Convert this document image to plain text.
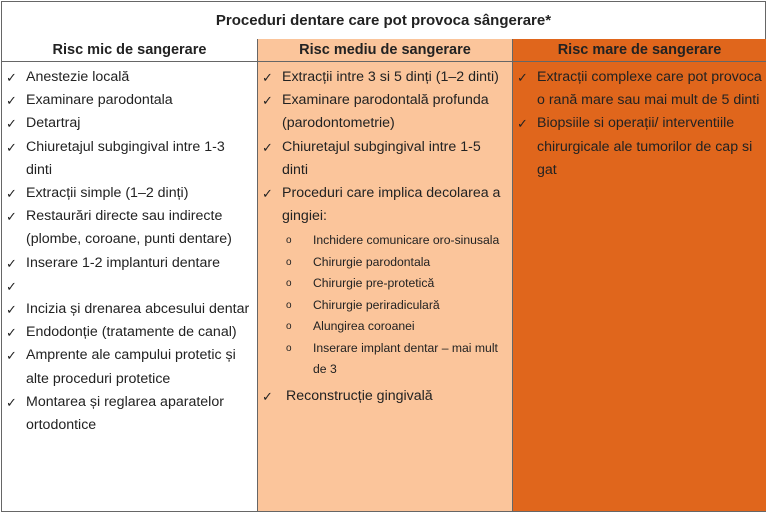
Proceduri dentare care pot provoca sângerare*
Risc mic de sangerare
✓ Anestezie locală
✓ Examinare parodontala
✓ Detartraj
✓ Chiuretajul subgingival intre 1-3 dinti
✓ Extracții simple (1–2 dinți)
✓ Restaurări directe sau indirecte (plombe, coroane, punti dentare)
✓ Inserare 1-2 implanturi dentare
✓

✓ Incizia și drenarea abcesului dentar
✓ Endodonție (tratamente de canal)
✓ Amprente ale campului protetic și alte proceduri protetice
✓ Montarea și reglarea aparatelor ortodontice
Risc mediu de sangerare
✓ Extracții intre 3 si 5 dinți (1–2 dinti)
✓ Examinare parodontală profunda (parodontometrie)
✓ Chiuretajul subgingival intre 1-5 dinti
✓ Proceduri care implica decolarea a gingiei:
o Inchidere comunicare oro-sinusala
o Chirurgie parodontala
o Chirurgie pre-protetică
o Chirurgie periradiculară
o Alungirea coroanei
o Inserare implant dentar – mai mult de 3
✓ Reconstrucție gingivală
Risc mare de sangerare
✓ Extracții complexe care pot provoca o rană mare sau mai mult de 5 dinti
✓ Biopsiile si operații/ interventiile chirurgicale ale tumorilor de cap si gat
